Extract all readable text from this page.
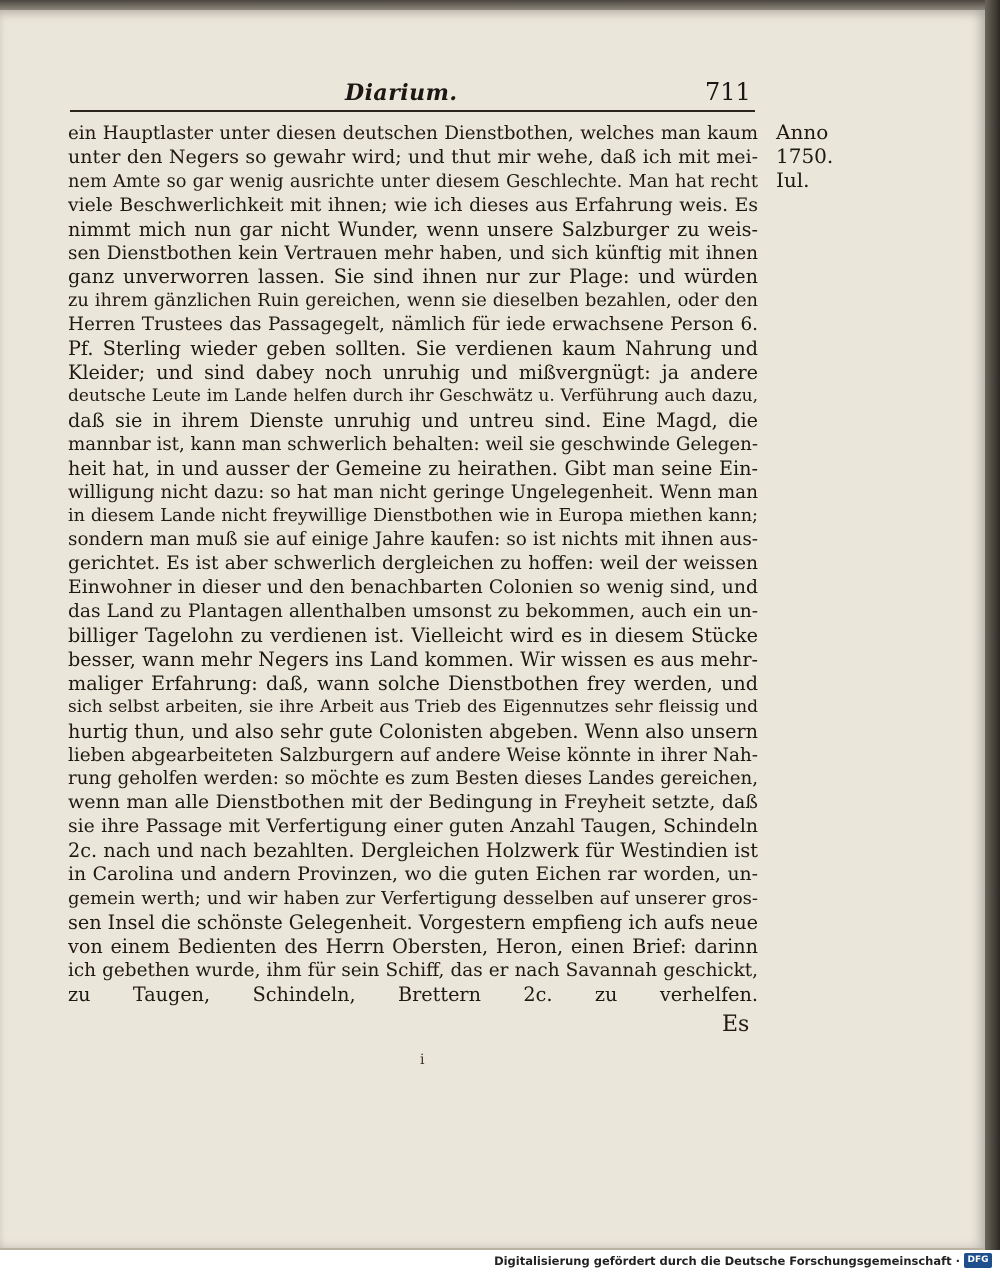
Diarium.	711
ein Hauptlaster unter diesen deutschen Dienstbothen, welches man kaum
unter den Negers so gewahr wird; und thut mir wehe, daß ich mit mei-
nem Amte so gar wenig ausrichte unter diesem Geschlechte. Man hat recht
viele Beschwerlichkeit mit ihnen; wie ich dieses aus Erfahrung weis. Es
nimmt mich nun gar nicht Wunder, wenn unsere Salzburger zu weis-
sen Dienstbothen kein Vertrauen mehr haben, und sich künftig mit ihnen
ganz unverworren lassen. Sie sind ihnen nur zur Plage: und würden
zu ihrem gänzlichen Ruin gereichen, wenn sie dieselben bezahlen, oder den
Herren Trustees das Passagegelt, nämlich für iede erwachsene Person 6.
Pf. Sterling wieder geben sollten. Sie verdienen kaum Nahrung und
Kleider; und sind dabey noch unruhig und mißvergnügt: ja andere
deutsche Leute im Lande helfen durch ihr Geschwätz u. Verführung auch dazu,
daß sie in ihrem Dienste unruhig und untreu sind. Eine Magd, die
mannbar ist, kann man schwerlich behalten: weil sie geschwinde Gelegen-
heit hat, in und ausser der Gemeine zu heirathen. Gibt man seine Ein-
willigung nicht dazu: so hat man nicht geringe Ungelegenheit. Wenn man
in diesem Lande nicht freywillige Dienstbothen wie in Europa miethen kann;
sondern man muß sie auf einige Jahre kaufen: so ist nichts mit ihnen aus-
gerichtet. Es ist aber schwerlich dergleichen zu hoffen: weil der weissen
Einwohner in dieser und den benachbarten Colonien so wenig sind, und
das Land zu Plantagen allenthalben umsonst zu bekommen, auch ein un-
billiger Tagelohn zu verdienen ist. Vielleicht wird es in diesem Stücke
besser, wann mehr Negers ins Land kommen. Wir wissen es aus mehr-
maliger Erfahrung: daß, wann solche Dienstbothen frey werden, und
sich selbst arbeiten, sie ihre Arbeit aus Trieb des Eigennutzes sehr fleissig und
hurtig thun, und also sehr gute Colonisten abgeben. Wenn also unsern
lieben abgearbeiteten Salzburgern auf andere Weise könnte in ihrer Nah-
rung geholfen werden: so möchte es zum Besten dieses Landes gereichen,
wenn man alle Dienstbothen mit der Bedingung in Freyheit setzte, daß
sie ihre Passage mit Verfertigung einer guten Anzahl Taugen, Schindeln
2c. nach und nach bezahlten. Dergleichen Holzwerk für Westindien ist
in Carolina und andern Provinzen, wo die guten Eichen rar worden, un-
gemein werth; und wir haben zur Verfertigung desselben auf unserer gros-
sen Insel die schönste Gelegenheit. Vorgestern empfieng ich aufs neue
von einem Bedienten des Herrn Obersten, Heron, einen Brief: darinn
ich gebethen wurde, ihm für sein Schiff, das er nach Savannah geschickt,
zu Taugen, Schindeln, Brettern 2c. zu verhelfen.
Anno
1750.
Iul.
Es
i
Digitalisierung gefördert durch die Deutsche Forschungsgemeinschaft · DFG
